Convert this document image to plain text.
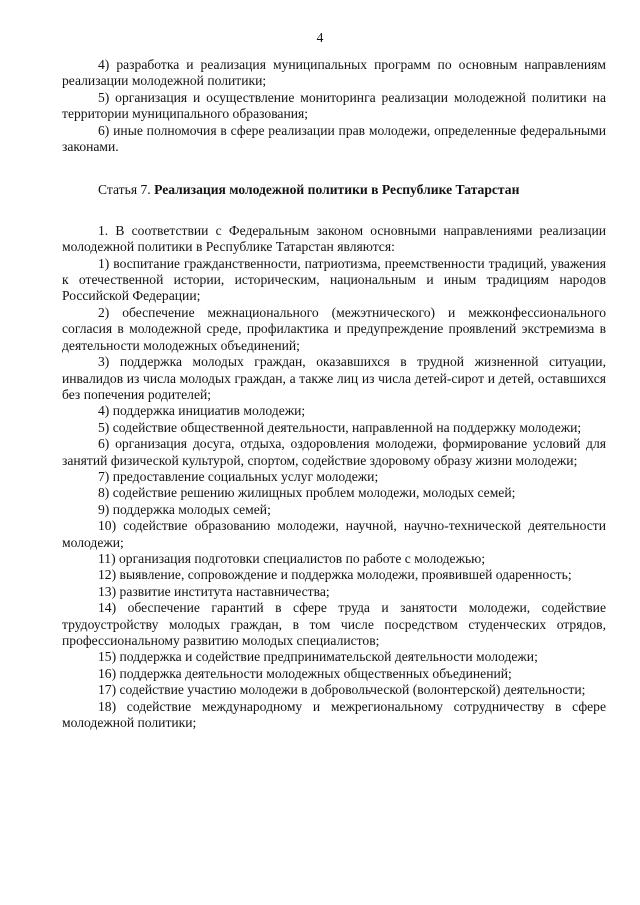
4

4) разработка и реализация муниципальных программ по основным направлениям реализации молодежной политики;

5) организация и осуществление мониторинга реализации молодежной политики на территории муниципального образования;

6) иные полномочия в сфере реализации прав молодежи, определенные федеральными законами.

Статья 7. Реализация молодежной политики в Республике Татарстан

1. В соответствии с Федеральным законом основными направлениями реализации молодежной политики в Республике Татарстан являются:

1) воспитание гражданственности, патриотизма, преемственности традиций, уважения к отечественной истории, историческим, национальным и иным традициям народов Российской Федерации;

2) обеспечение межнационального (межэтнического) и межконфессионального согласия в молодежной среде, профилактика и предупреждение проявлений экстремизма в деятельности молодежных объединений;

3) поддержка молодых граждан, оказавшихся в трудной жизненной ситуации, инвалидов из числа молодых граждан, а также лиц из числа детей-сирот и детей, оставшихся без попечения родителей;

4) поддержка инициатив молодежи;

5) содействие общественной деятельности, направленной на поддержку молодежи;

6) организация досуга, отдыха, оздоровления молодежи, формирование условий для занятий физической культурой, спортом, содействие здоровому образу жизни молодежи;

7) предоставление социальных услуг молодежи;

8) содействие решению жилищных проблем молодежи, молодых семей;

9) поддержка молодых семей;

10) содействие образованию молодежи, научной, научно-технической деятельности молодежи;

11) организация подготовки специалистов по работе с молодежью;

12) выявление, сопровождение и поддержка молодежи, проявившей одаренность;

13) развитие института наставничества;

14) обеспечение гарантий в сфере труда и занятости молодежи, содействие трудоустройству молодых граждан, в том числе посредством студенческих отрядов, профессиональному развитию молодых специалистов;

15) поддержка и содействие предпринимательской деятельности молодежи;

16) поддержка деятельности молодежных общественных объединений;

17) содействие участию молодежи в добровольческой (волонтерской) деятельности;

18) содействие международному и межрегиональному сотрудничеству в сфере молодежной политики;
